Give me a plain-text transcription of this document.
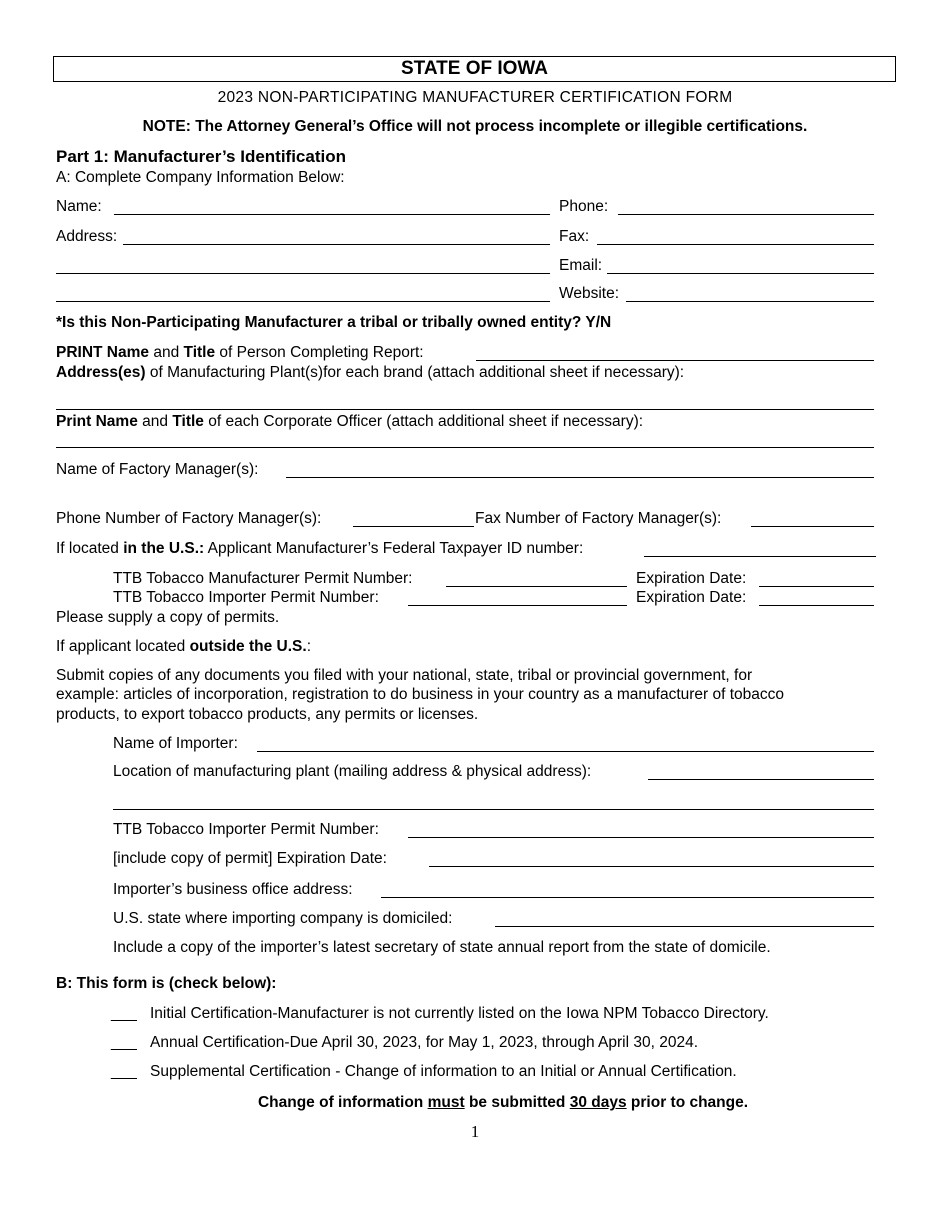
STATE OF IOWA
2023 NON-PARTICIPATING MANUFACTURER CERTIFICATION FORM
NOTE: The Attorney General’s Office will not process incomplete or illegible certifications.
Part 1: Manufacturer’s Identification
A: Complete Company Information Below:
Name:	Phone:
Address:	Fax:
Email:
Website:
*Is this Non-Participating Manufacturer a tribal or tribally owned entity? Y/N
PRINT Name and Title of Person Completing Report:
Address(es) of Manufacturing Plant(s)for each brand (attach additional sheet if necessary):
Print Name and Title of each Corporate Officer (attach additional sheet if necessary):
Name of Factory Manager(s):
Phone Number of Factory Manager(s):	Fax Number of Factory Manager(s):
If located in the U.S.: Applicant Manufacturer’s Federal Taxpayer ID number:
TTB Tobacco Manufacturer Permit Number:	Expiration Date:
TTB Tobacco Importer Permit Number:	Expiration Date:
Please supply a copy of permits.
If applicant located outside the U.S.:
Submit copies of any documents you filed with your national, state, tribal or provincial government, for
example: articles of incorporation, registration to do business in your country as a manufacturer of tobacco
products, to export tobacco products, any permits or licenses.
Name of Importer:
Location of manufacturing plant (mailing address & physical address):
TTB Tobacco Importer Permit Number:
[include copy of permit] Expiration Date:
Importer’s business office address:
U.S. state where importing company is domiciled:
Include a copy of the importer’s latest secretary of state annual report from the state of domicile.
B: This form is (check below):
___ Initial Certification-Manufacturer is not currently listed on the Iowa NPM Tobacco Directory.
___ Annual Certification-Due April 30, 2023, for May 1, 2023, through April 30, 2024.
___ Supplemental Certification - Change of information to an Initial or Annual Certification.
Change of information must be submitted 30 days prior to change.
1
